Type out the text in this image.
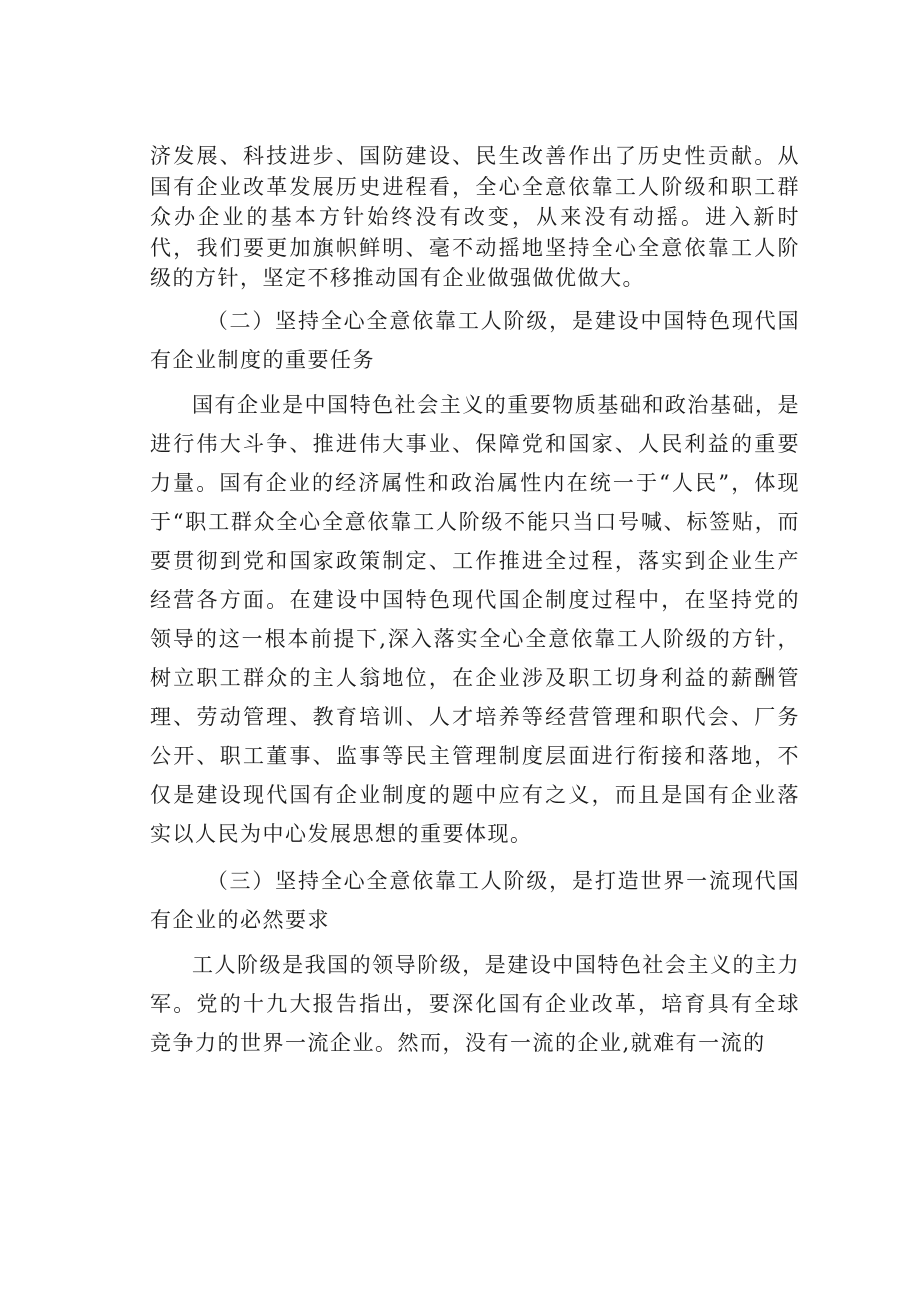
济发展、科技进步、国防建设、民生改善作出了历史性贡献。从国有企业改革发展历史进程看，全心全意依靠工人阶级和职工群众办企业的基本方针始终没有改变，从来没有动摇。进入新时代，我们要更加旗帜鲜明、毫不动摇地坚持全心全意依靠工人阶级的方针，坚定不移推动国有企业做强做优做大。

（二）坚持全心全意依靠工人阶级，是建设中国特色现代国有企业制度的重要任务

国有企业是中国特色社会主义的重要物质基础和政治基础，是进行伟大斗争、推进伟大事业、保障党和国家、人民利益的重要力量。国有企业的经济属性和政治属性内在统一于“人民”，体现于“职工群众全心全意依靠工人阶级不能只当口号喊、标签贴，而要贯彻到党和国家政策制定、工作推进全过程，落实到企业生产经营各方面。在建设中国特色现代国企制度过程中，在坚持党的领导的这一根本前提下,深入落实全心全意依靠工人阶级的方针，树立职工群众的主人翁地位，在企业涉及职工切身利益的薪酬管理、劳动管理、教育培训、人才培养等经营管理和职代会、厂务公开、职工董事、监事等民主管理制度层面进行衔接和落地，不仅是建设现代国有企业制度的题中应有之义，而且是国有企业落实以人民为中心发展思想的重要体现。

（三）坚持全心全意依靠工人阶级，是打造世界一流现代国有企业的必然要求

工人阶级是我国的领导阶级，是建设中国特色社会主义的主力军。党的十九大报告指出，要深化国有企业改革，培育具有全球竞争力的世界一流企业。然而，没有一流的企业,就难有一流的
